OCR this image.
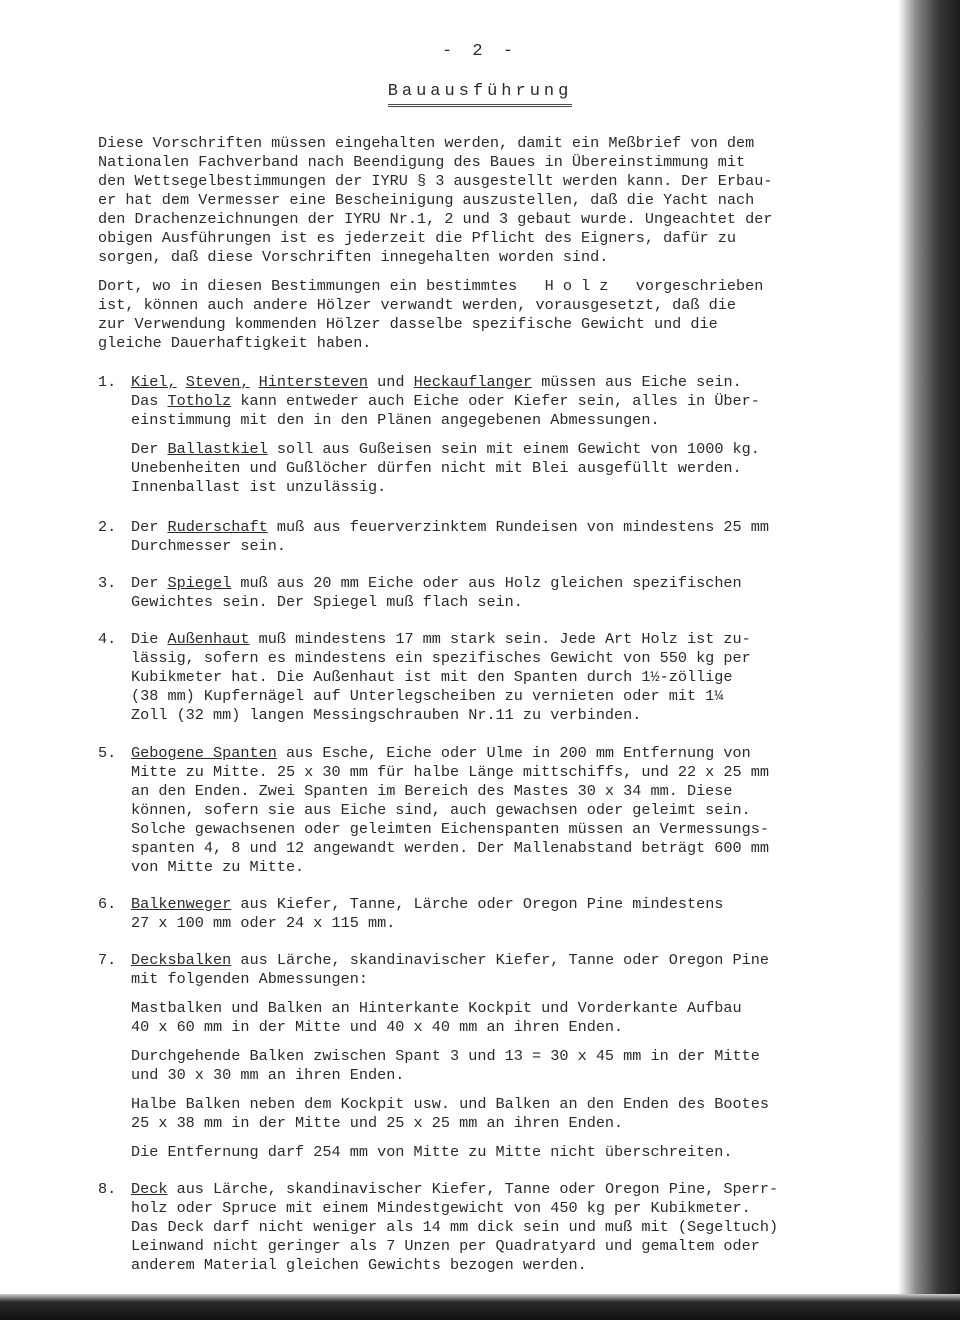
- 2 -
Bauausführung
Diese Vorschriften müssen eingehalten werden, damit ein Meßbrief von dem
Nationalen Fachverband nach Beendigung des Baues in Übereinstimmung mit
den Wettsegelbestimmungen der IYRU § 3 ausgestellt werden kann. Der Erbau-
er hat dem Vermesser eine Bescheinigung auszustellen, daß die Yacht nach
den Drachenzeichnungen der IYRU Nr.1, 2 und 3 gebaut wurde. Ungeachtet der
obigen Ausführungen ist es jederzeit die Pflicht des Eigners, dafür zu
sorgen, daß diese Vorschriften innegehalten worden sind.
Dort, wo in diesen Bestimmungen ein bestimmtes   H o l z   vorgeschrieben
ist, können auch andere Hölzer verwandt werden, vorausgesetzt, daß die
zur Verwendung kommenden Hölzer dasselbe spezifische Gewicht und die
gleiche Dauerhaftigkeit haben.
1. Kiel, Steven, Hintersteven und Heckauflanger müssen aus Eiche sein.
Das Totholz kann entweder auch Eiche oder Kiefer sein, alles in Über-
einstimmung mit den in den Plänen angegebenen Abmessungen.
Der Ballastkiel soll aus Gußeisen sein mit einem Gewicht von 1000 kg.
Unebenheiten und Gußlöcher dürfen nicht mit Blei ausgefüllt werden.
Innenballast ist unzulässig.
2. Der Ruderschaft muß aus feuerverzinktem Rundeisen von mindestens 25 mm
Durchmesser sein.
3. Der Spiegel muß aus 20 mm Eiche oder aus Holz gleichen spezifischen
Gewichtes sein. Der Spiegel muß flach sein.
4. Die Außenhaut muß mindestens 17 mm stark sein. Jede Art Holz ist zu-
lässig, sofern es mindestens ein spezifisches Gewicht von 550 kg per
Kubikmeter hat. Die Außenhaut ist mit den Spanten durch 1½-zöllige
(38 mm) Kupfernägel auf Unterlegscheiben zu vernieten oder mit 1¼
Zoll (32 mm) langen Messingschrauben Nr.11 zu verbinden.
5. Gebogene Spanten aus Esche, Eiche oder Ulme in 200 mm Entfernung von
Mitte zu Mitte. 25 x 30 mm für halbe Länge mittschiffs, und 22 x 25 mm
an den Enden. Zwei Spanten im Bereich des Mastes 30 x 34 mm. Diese
können, sofern sie aus Eiche sind, auch gewachsen oder geleimt sein.
Solche gewachsenen oder geleimten Eichenspanten müssen an Vermessungs-
spanten 4, 8 und 12 angewandt werden. Der Mallenabstand beträgt 600 mm
von Mitte zu Mitte.
6. Balkenweger aus Kiefer, Tanne, Lärche oder Oregon Pine mindestens
27 x 100 mm oder 24 x 115 mm.
7. Decksbalken aus Lärche, skandinavischer Kiefer, Tanne oder Oregon Pine
mit folgenden Abmessungen:
Mastbalken und Balken an Hinterkante Kockpit und Vorderkante Aufbau
40 x 60 mm in der Mitte und 40 x 40 mm an ihren Enden.
Durchgehende Balken zwischen Spant 3 und 13 = 30 x 45 mm in der Mitte
und 30 x 30 mm an ihren Enden.
Halbe Balken neben dem Kockpit usw. und Balken an den Enden des Bootes
25 x 38 mm in der Mitte und 25 x 25 mm an ihren Enden.
Die Entfernung darf 254 mm von Mitte zu Mitte nicht überschreiten.
8. Deck aus Lärche, skandinavischer Kiefer, Tanne oder Oregon Pine, Sperr-
holz oder Spruce mit einem Mindestgewicht von 450 kg per Kubikmeter.
Das Deck darf nicht weniger als 14 mm dick sein und muß mit (Segeltuch)
Leinwand nicht geringer als 7 Unzen per Quadratyard und gemaltem oder
anderem Material gleichen Gewichts bezogen werden.
